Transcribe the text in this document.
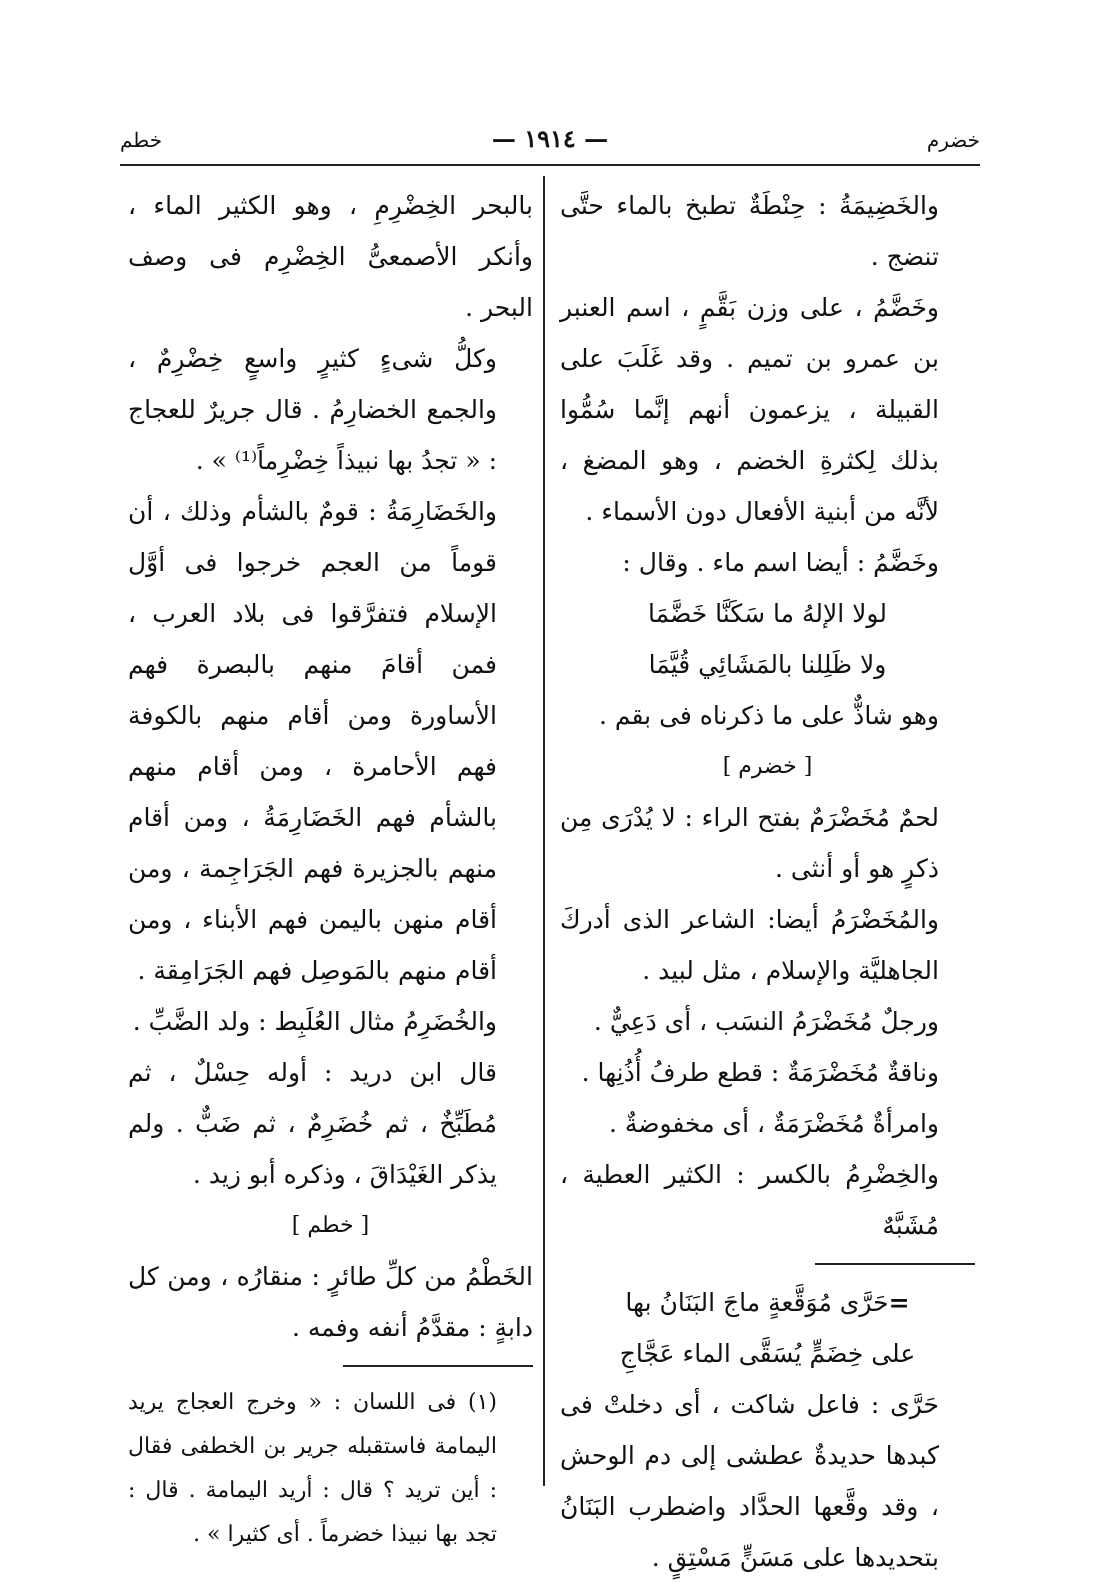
خضرم
— ١٩١٤ —
خطم

والخَضِيمَةُ : حِنْطَةٌ تطبخ بالماء حتَّى تنضج .

وخَضَّمُ ، على وزن بَقَّمٍ ، اسم العنبر بن عمرو بن تميم . وقد غَلَبَ على القبيلة ، يزعمون أنهم إنَّما سُمُّوا بذلك لِكثرةِ الخضم ، وهو المضغ ، لأنَّه من أبنية الأفعال دون الأسماء .

وخَضَّمُ : أيضا اسم ماء . وقال :

لولا الإلهُ ما سَكَنَّا خَضَّمَا

ولا ظَلِلنا بالمَشَائِي قُيَّمَا

وهو شاذٌّ على ما ذكرناه فى بقم .

[ خضرم ]

لحمٌ مُخَضْرَمٌ بفتح الراء : لا يُدْرَى مِن ذكرٍ هو أو أنثى .

والمُخَضْرَمُ أيضا: الشاعر الذى أدركَ الجاهليَّة والإسلام ، مثل لبيد .

ورجلٌ مُخَضْرَمُ النسَب ، أى دَعِيٌّ .

وناقةٌ مُخَضْرَمَةٌ : قطع طرفُ أُذُنِها .

وامرأةٌ مُخَضْرَمَةٌ ، أى مخفوضةٌ .

والخِضْرِمُ بالكسر : الكثير العطية ، مُشَبَّهٌ

=حَرَّى مُوَقَّعةٍ ماجَ البَنَانُ بها

على خِضَمٍّ يُسَقَّى الماء عَجَّاجِ

حَرَّى : فاعل شاكت ، أى دخلتْ فى كبدها حديدةٌ عطشى إلى دم الوحش ، وقد وقَّعها الحدَّاد واضطرب البَنَانُ بتحديدها على مَسَنٍّ مَسْتِقٍ .

بالبحر الخِضْرِمِ ، وهو الكثير الماء ، وأنكر الأصمعىُّ الخِضْرِم فى وصف البحر .

وكلُّ شىءٍ كثيرٍ واسعٍ خِضْرِمٌ ، والجمع الخضارِمُ . قال جريرٌ للعجاج : « تجدُ بها نبيذاً خِضْرِماً⁽¹⁾ » .

والخَضَارِمَةُ : قومٌ بالشأم وذلك ، أن قوماً من العجم خرجوا فى أوَّل الإسلام فتفرَّقوا فى بلاد العرب ، فمن أقامَ منهم بالبصرة فهم الأساورة ومن أقام منهم بالكوفة فهم الأحامرة ، ومن أقام منهم بالشأم فهم الخَضَارِمَةُ ، ومن أقام منهم بالجزيرة فهم الجَرَاجِمة ، ومن أقام منهن باليمن فهم الأبناء ، ومن أقام منهم بالمَوصِل فهم الجَرَامِقة .

والخُضَرِمُ مثال العُلَبِط : ولد الضَّبِّ .

قال ابن دريد : أوله حِسْلٌ ، ثم مُطَبِّخٌ ، ثم خُضَرِمٌ ، ثم ضَبٌّ . ولم يذكر الغَيْدَاقَ ، وذكره أبو زيد .

[ خطم ]

الخَطْمُ من كلِّ طائرٍ : منقارُه ، ومن كل دابةٍ : مقدَّمُ أنفه وفمه .

(١) فى اللسان : « وخرج العجاج يريد اليمامة فاستقبله جرير بن الخطفى فقال : أين تريد ؟ قال : أريد اليمامة . قال : تجد بها نبيذا خضرماً . أى كثيرا » .
